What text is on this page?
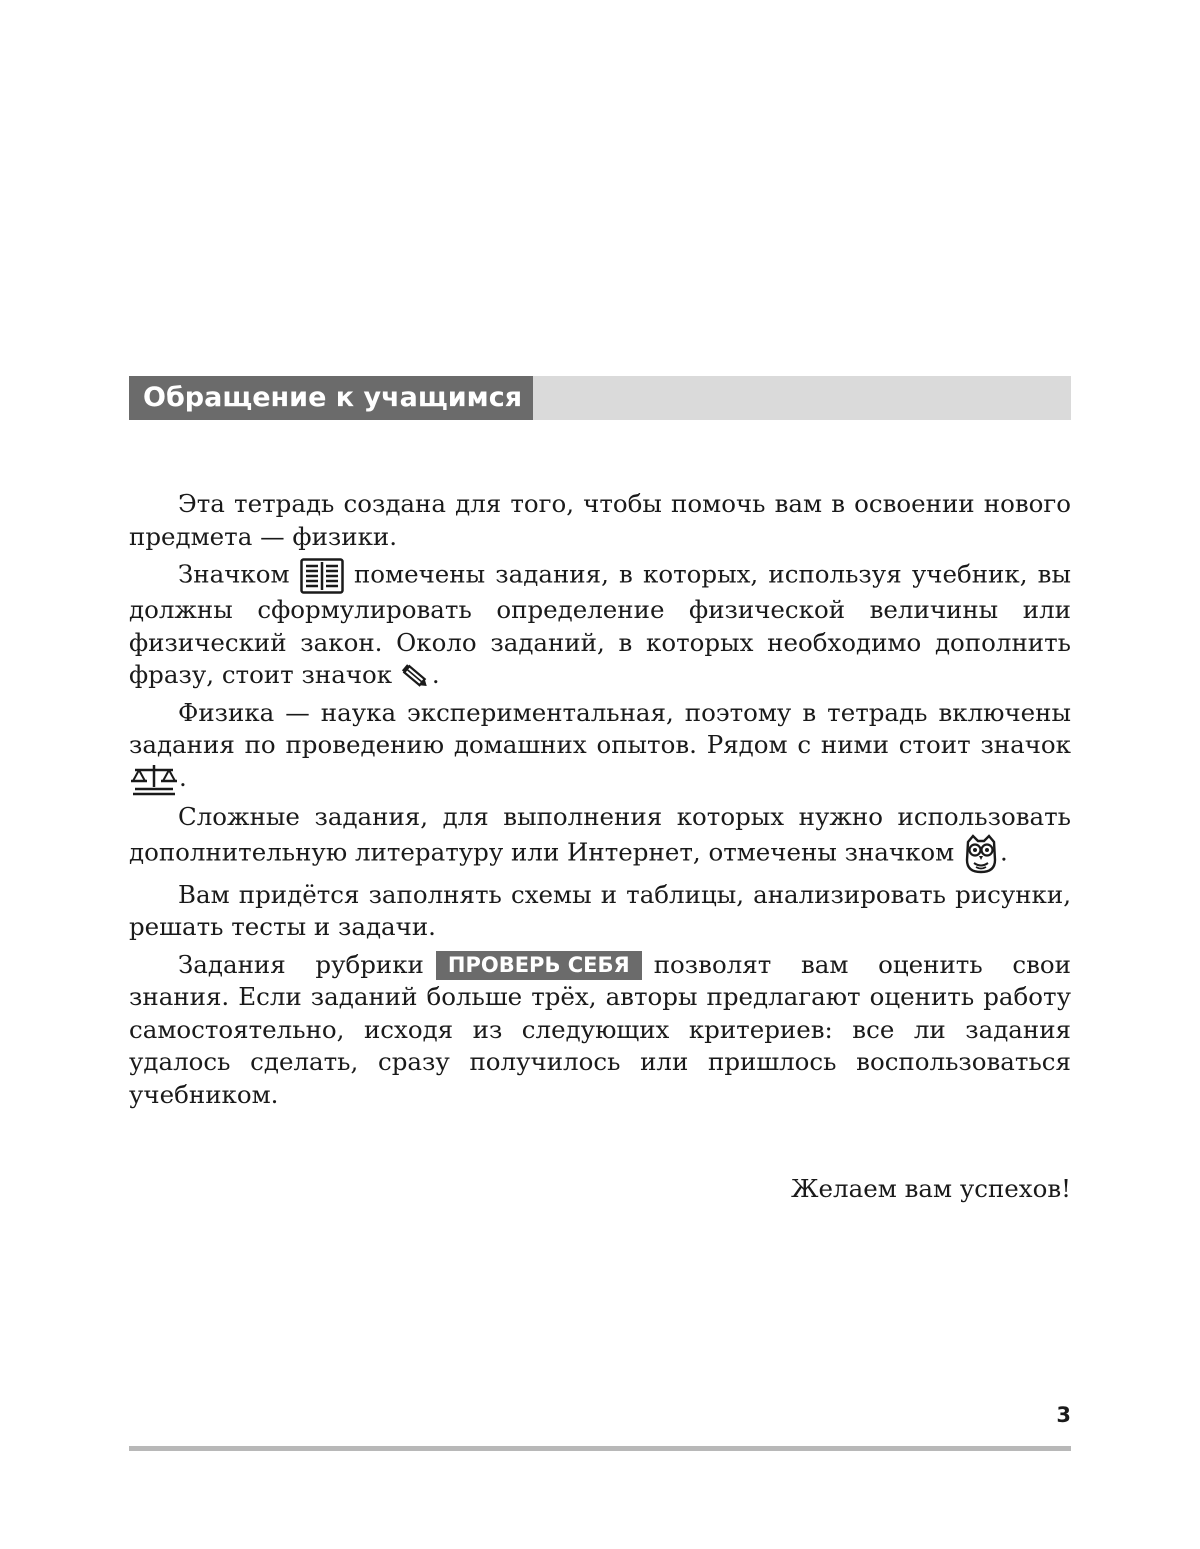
Обращение к учащимся

Эта тетрадь создана для того, чтобы помочь вам в освоении нового предмета — физики.

Значком	помечены задания, в которых, используя учебник, вы должны сформулировать определение физической величины или физический закон. Около заданий, в которых необходимо дополнить фразу, стоит значок .

Физика — наука экспериментальная, поэтому в тетрадь включены задания по проведению домашних опытов. Рядом с ними стоит значок
.

Сложные задания, для выполнения которых нужно использовать дополнительную литературу или Интернет, отмечены значком .

Вам придётся заполнять схемы и таблицы, анализировать рисунки, решать тесты и задачи.

Задания рубрики ПРОВЕРЬ СЕБЯ позволят вам оценить свои знания. Если заданий больше трёх, авторы предлагают оценить работу самостоятельно, исходя из следующих критериев: все ли задания удалось сделать, сразу получилось или пришлось воспользоваться учебником.

Желаем вам успехов!
3
